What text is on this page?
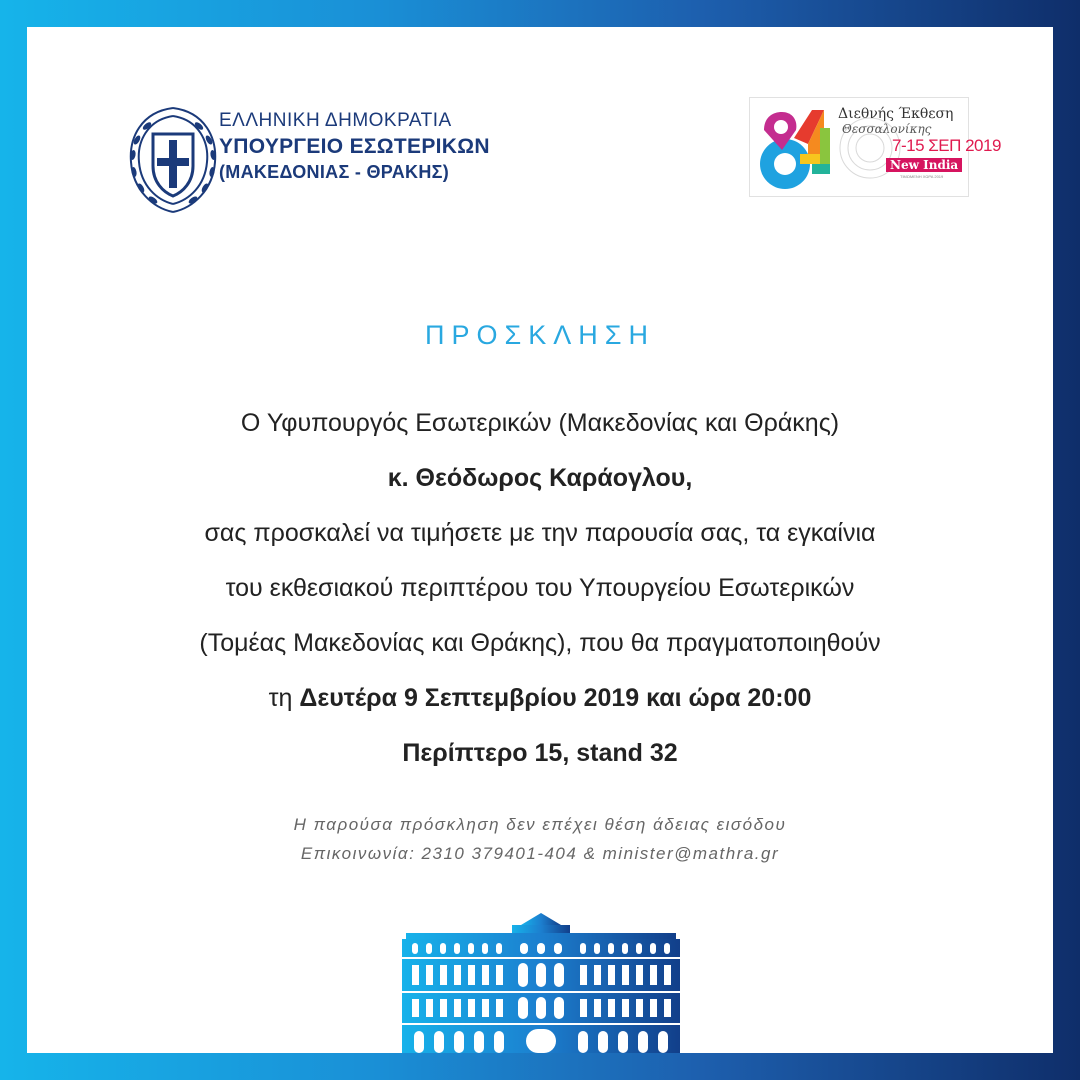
ΕΛΛΗΝΙΚΗ ΔΗΜΟΚΡΑΤΙΑ
ΥΠΟΥΡΓΕΙΟ ΕΣΩΤΕΡΙΚΩΝ
(ΜΑΚΕΔΟΝΙΑΣ - ΘΡΑΚΗΣ)
Διεθνής Έκθεση
Θεσσαλονίκης
7-15 ΣΕΠ 2019
New India
ΤΙΜΩΜΕΝΗ ΧΩΡΑ 2019
ΠΡΟΣΚΛΗΣΗ
Ο Υφυπουργός Εσωτερικών (Μακεδονίας και Θράκης)
κ. Θεόδωρος Καράογλου,
σας προσκαλεί να τιμήσετε με την παρουσία σας, τα εγκαίνια
του εκθεσιακού περιπτέρου του Υπουργείου Εσωτερικών
(Τομέας Μακεδονίας και Θράκης), που θα πραγματοποιηθούν
τη Δευτέρα 9 Σεπτεμβρίου 2019 και ώρα 20:00
Περίπτερο 15, stand 32
Η παρούσα πρόσκληση δεν επέχει θέση άδειας εισόδου
Επικοινωνία: 2310 379401-404 & minister@mathra.gr
